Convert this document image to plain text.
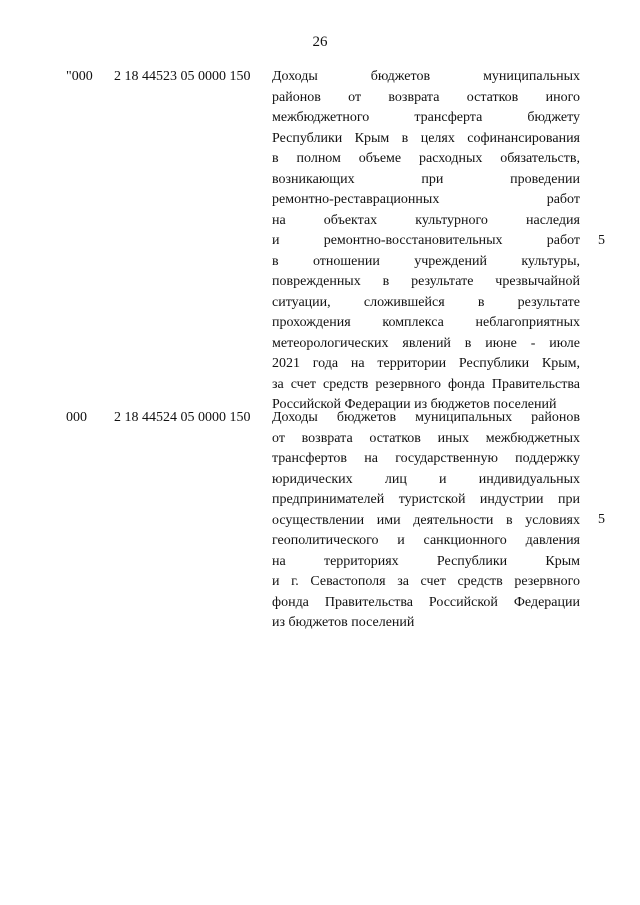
26
"000 2 18 44523 05 0000 150 Доходы бюджетов муниципальных
районов от возврата остатков иного
межбюджетного трансферта бюджету
Республики Крым в целях софинансирования
в полном объеме расходных обязательств,
возникающих при проведении
ремонтно-реставрационных работ
на объектах культурного наследия
и ремонтно-восстановительных работ
в отношении учреждений культуры,
поврежденных в результате чрезвычайной
ситуации, сложившейся в результате
прохождения комплекса неблагоприятных
метеорологических явлений в июне - июле
2021 года на территории Республики Крым,
за счет средств резервного фонда Правительства
Российской Федерации из бюджетов поселений
5
000 2 18 44524 05 0000 150 Доходы бюджетов муниципальных районов
от возврата остатков иных межбюджетных
трансфертов на государственную поддержку
юридических лиц и индивидуальных
предпринимателей туристской индустрии при
осуществлении ими деятельности в условиях
геополитического и санкционного давления
на территориях Республики Крым
и г. Севастополя за счет средств резервного
фонда Правительства Российской Федерации
из бюджетов поселений
5
